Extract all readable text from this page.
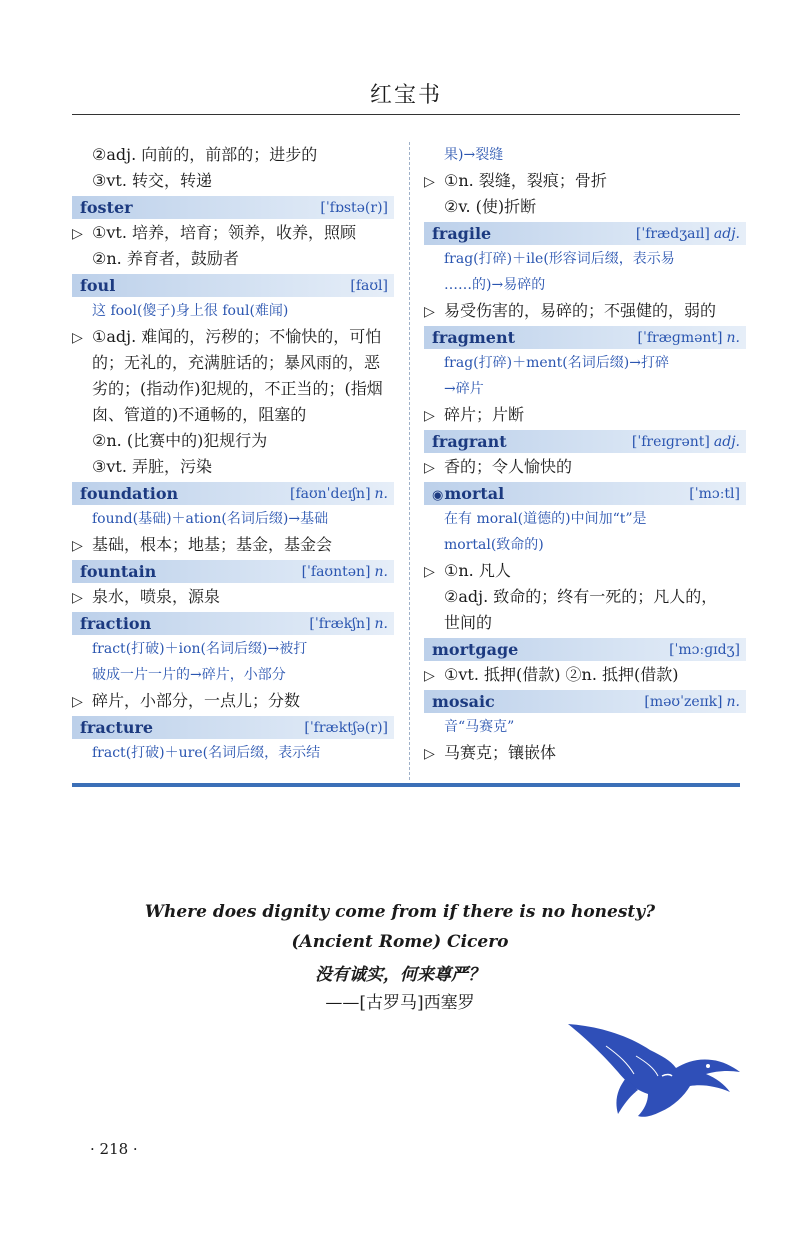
红宝书
②adj. 向前的，前部的；进步的
③vt. 转交，转递
foster	[ˈfɒstə(r)]
▷ ①vt. 培养，培育；领养，收养，照顾
②n. 养育者，鼓励者
foul	[faʊl]
这 fool(傻子)身上很 foul(难闻)
▷ ①adj. 难闻的，污秽的；不愉快的，可怕
的；无礼的，充满脏话的；暴风雨的，恶
劣的；(指动作)犯规的，不正当的；(指烟
囱、管道的)不通畅的，阻塞的
②n. (比赛中的)犯规行为
③vt. 弄脏，污染
foundation	[faʊnˈdeɪʃn] n.
found(基础)＋ation(名词后缀)→基础
▷ 基础，根本；地基；基金，基金会
fountain	[ˈfaʊntən] n.
▷ 泉水，喷泉，源泉
fraction	[ˈfrækʃn] n.
fract(打破)＋ion(名词后缀)→被打
破成一片一片的→碎片，小部分
▷ 碎片，小部分，一点儿；分数
fracture	[ˈfræktʃə(r)]
fract(打破)＋ure(名词后缀，表示结
果)→裂缝
▷ ①n. 裂缝，裂痕；骨折
②v. (使)折断
fragile	[ˈfrædʒaɪl] adj.
frag(打碎)＋ile(形容词后缀，表示易
……的)→易碎的
▷ 易受伤害的，易碎的；不强健的，弱的
fragment	[ˈfræɡmənt] n.
frag(打碎)＋ment(名词后缀)→打碎
→碎片
▷ 碎片；片断
fragrant	[ˈfreɪɡrənt] adj.
▷ 香的；令人愉快的
◉mortal	[ˈmɔːtl]
在有 moral(道德的)中间加“t”是
mortal(致命的)
▷ ①n. 凡人
②adj. 致命的；终有一死的；凡人的，
世间的
mortgage	[ˈmɔːɡɪdʒ]
▷ ①vt. 抵押(借款) ②n. 抵押(借款)
mosaic	[məʊˈzeɪɪk] n.
音“马赛克”
▷ 马赛克；镶嵌体
Where does dignity come from if there is no honesty?
(Ancient Rome) Cicero
没有诚实，何来尊严？
——[古罗马]西塞罗
· 218 ·
